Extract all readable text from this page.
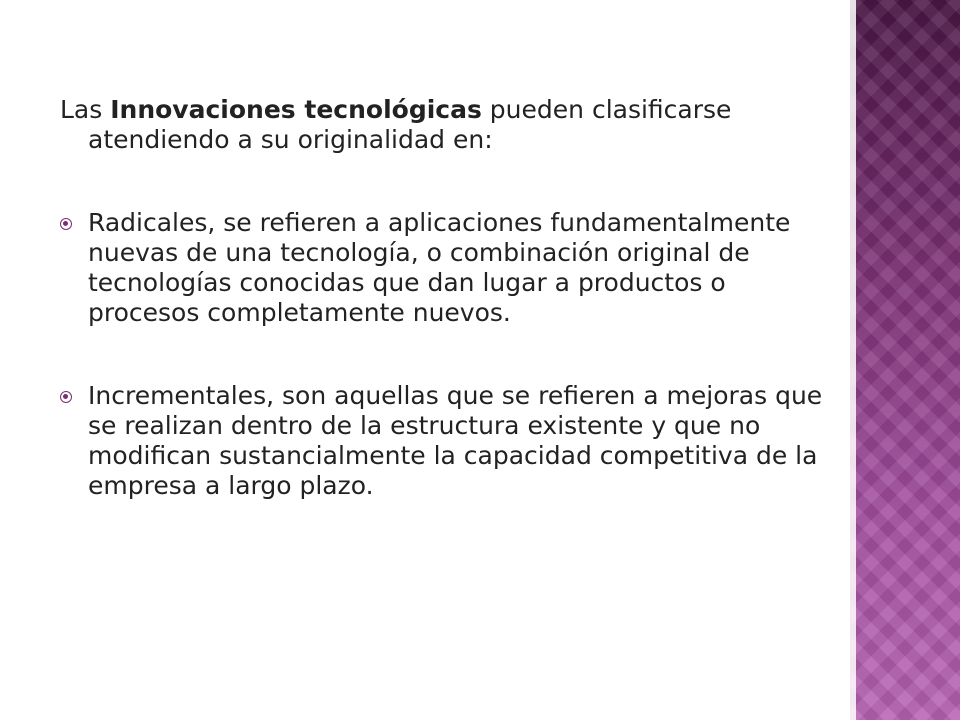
Las Innovaciones tecnológicas pueden clasificarse atendiendo a su originalidad en:

Radicales, se refieren a aplicaciones fundamentalmente nuevas de una tecnología, o combinación original de tecnologías conocidas que dan lugar a productos o procesos completamente nuevos.
Incrementales, son aquellas que se refieren a mejoras que se realizan dentro de la estructura existente y que no modifican sustancialmente la capacidad competitiva de la empresa a largo plazo.
